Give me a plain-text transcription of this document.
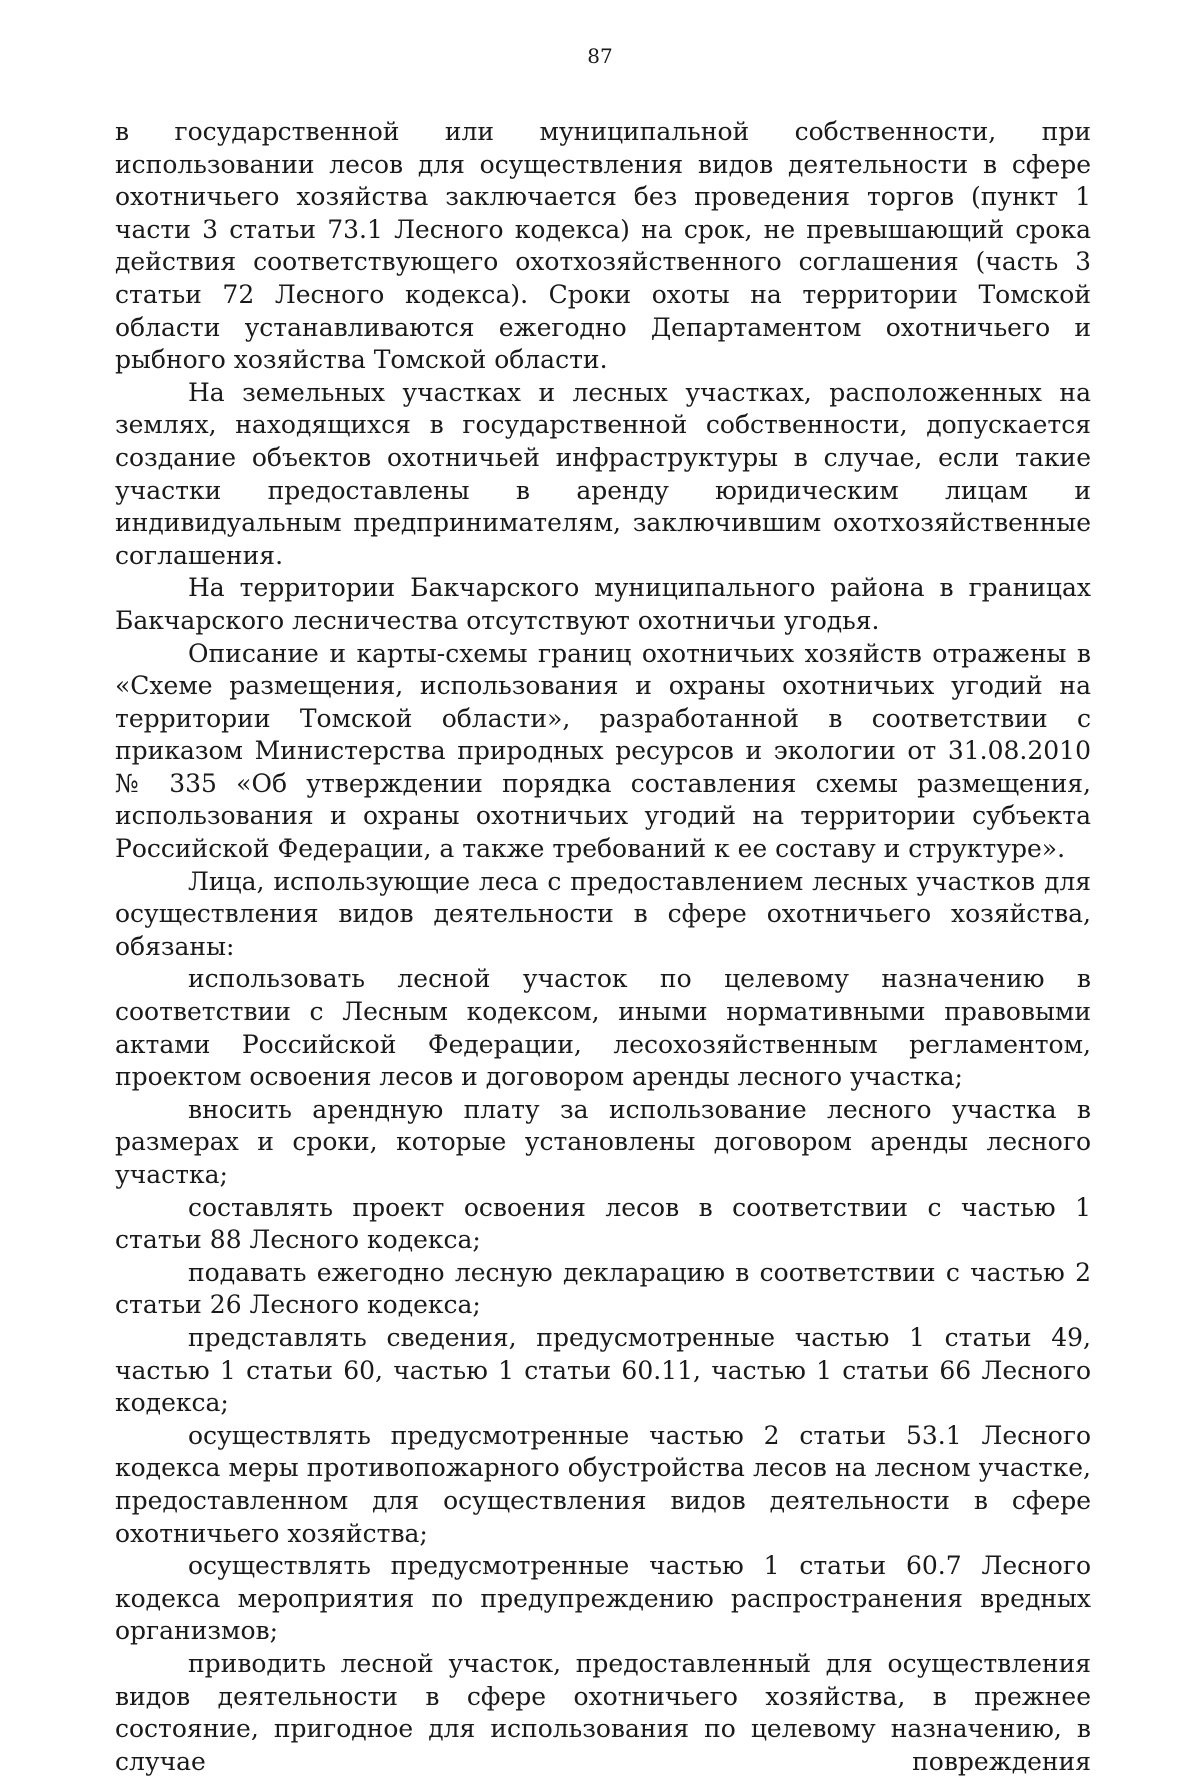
87

в государственной или муниципальной собственности, при использовании лесов для осуществления видов деятельности в сфере охотничьего хозяйства заключается без проведения торгов (пункт 1 части 3 статьи 73.1 Лесного кодекса) на срок, не превышающий срока действия соответствующего охотхозяйственного соглашения (часть 3 статьи 72 Лесного кодекса). Сроки охоты на территории Томской области устанавливаются ежегодно Департаментом охотничьего и рыбного хозяйства Томской области.

На земельных участках и лесных участках, расположенных на землях, находящихся в государственной собственности, допускается создание объектов охотничьей инфраструктуры в случае, если такие участки предоставлены в аренду юридическим лицам и индивидуальным предпринимателям, заключившим охотхозяйственные соглашения.

На территории Бакчарского муниципального района в границах Бакчарского лесничества отсутствуют охотничьи угодья.

Описание и карты-схемы границ охотничьих хозяйств отражены в «Схеме размещения, использования и охраны охотничьих угодий на территории Томской области», разработанной в соответствии с приказом Министерства природных ресурсов и экологии от 31.08.2010 № 335 «Об утверждении порядка составления схемы размещения, использования и охраны охотничьих угодий на территории субъекта Российской Федерации, а также требований к ее составу и структуре».

Лица, использующие леса с предоставлением лесных участков для осуществления видов деятельности в сфере охотничьего хозяйства, обязаны:

использовать лесной участок по целевому назначению в соответствии с Лесным кодексом, иными нормативными правовыми актами Российской Федерации, лесохозяйственным регламентом, проектом освоения лесов и договором аренды лесного участка;

вносить арендную плату за использование лесного участка в размерах и сроки, которые установлены договором аренды лесного участка;

составлять проект освоения лесов в соответствии с частью 1 статьи 88 Лесного кодекса;

подавать ежегодно лесную декларацию в соответствии с частью 2 статьи 26 Лесного кодекса;

представлять сведения, предусмотренные частью 1 статьи 49, частью 1 статьи 60, частью 1 статьи 60.11, частью 1 статьи 66 Лесного кодекса;

осуществлять предусмотренные частью 2 статьи 53.1 Лесного кодекса меры противопожарного обустройства лесов на лесном участке, предоставленном для осуществления видов деятельности в сфере охотничьего хозяйства;

осуществлять предусмотренные частью 1 статьи 60.7 Лесного кодекса мероприятия по предупреждению распространения вредных организмов;

приводить лесной участок, предоставленный для осуществления видов деятельности в сфере охотничьего хозяйства, в прежнее состояние, пригодное для использования по целевому назначению, в случае повреждения
